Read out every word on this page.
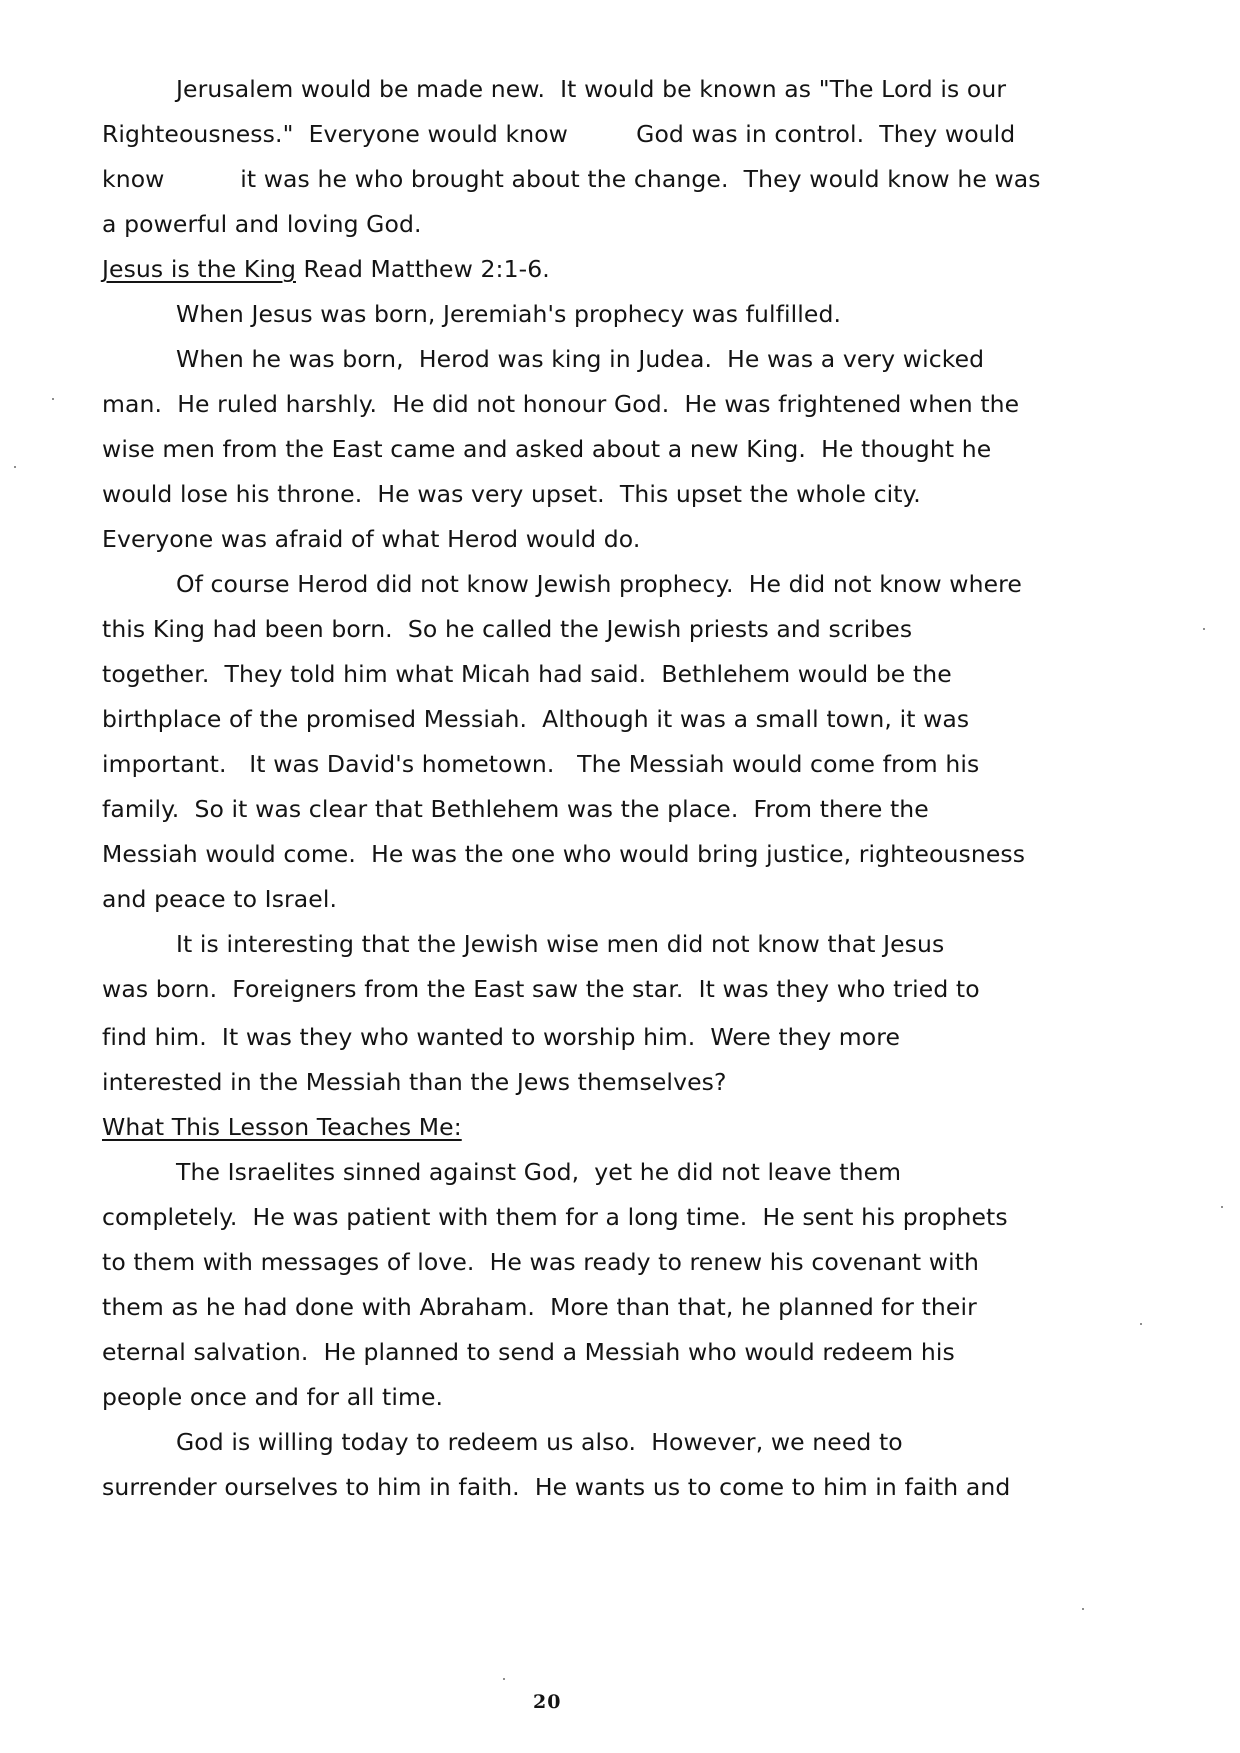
Jerusalem would be made new.  It would be known as "The Lord is our
Righteousness."  Everyone would know         God was in control.  They would
know          it was he who brought about the change.  They would know he was
a powerful and loving God.
Jesus is the King Read Matthew 2:1-6.
When Jesus was born, Jeremiah's prophecy was fulfilled.
When he was born,  Herod was king in Judea.  He was a very wicked
man.  He ruled harshly.  He did not honour God.  He was frightened when the
wise men from the East came and asked about a new King.  He thought he
would lose his throne.  He was very upset.  This upset the whole city.
Everyone was afraid of what Herod would do.
Of course Herod did not know Jewish prophecy.  He did not know where
this King had been born.  So he called the Jewish priests and scribes
together.  They told him what Micah had said.  Bethlehem would be the
birthplace of the promised Messiah.  Although it was a small town, it was
important.   It was David's hometown.   The Messiah would come from his
family.  So it was clear that Bethlehem was the place.  From there the
Messiah would come.  He was the one who would bring justice, righteousness
and peace to Israel.
It is interesting that the Jewish wise men did not know that Jesus
was born.  Foreigners from the East saw the star.  It was they who tried to
find him.  It was they who wanted to worship him.  Were they more
interested in the Messiah than the Jews themselves?
What This Lesson Teaches Me:
The Israelites sinned against God,  yet he did not leave them
completely.  He was patient with them for a long time.  He sent his prophets
to them with messages of love.  He was ready to renew his covenant with
them as he had done with Abraham.  More than that, he planned for their
eternal salvation.  He planned to send a Messiah who would redeem his
people once and for all time.
God is willing today to redeem us also.  However, we need to
surrender ourselves to him in faith.  He wants us to come to him in faith and
20
